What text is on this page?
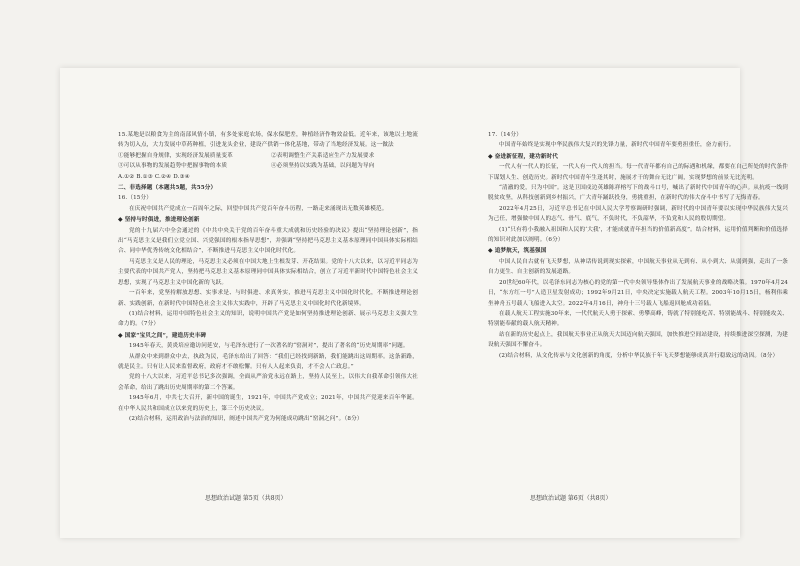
15.某地是以粮食为主的南部风情小镇，有多处家庭农场，保水保肥差，种植经济作物效益低。近年来，该地以土地流转为切入点，大力发展中草药种植，引进龙头企业，建设产供销一体化基地，带动了当地经济发展。这一做法

①能够把握自身规律，实现经济发展质量变革	②表明调整生产关系适应生产力发展要求
③可以从事物的发展趋势中把握事物的本质	④必须坚持以实践为基础，以问题为导向

A.①② B.①③ C.②④ D.③④

二、非选择题（本题共5题，共55分）

16.（15分）

在庆祝中国共产党成立一百周年之际，回望中国共产党百年奋斗历程，一路走来涌现出无数英雄模范。

◆ 坚持与时俱进，推进理论创新

党的十九届六中全会通过的《中共中央关于党的百年奋斗重大成就和历史经验的决议》提出“坚持理论创新”，指出“马克思主义是我们立党立国、兴党强国的根本指导思想”，并强调“坚持把马克思主义基本原理同中国具体实际相结合、同中华优秀传统文化相结合”，不断推进马克思主义中国化时代化。

马克思主义是人民的理论，马克思主义必须在中国大地上生根发芽、开花结果。党的十八大以来，以习近平同志为主要代表的中国共产党人，坚持把马克思主义基本原理同中国具体实际相结合，创立了习近平新时代中国特色社会主义思想，实现了马克思主义中国化新的飞跃。

一百年来，党坚持解放思想、实事求是、与时俱进、求真务实，推进马克思主义中国化时代化，不断推进理论创新、实践创新，在新时代中国特色社会主义伟大实践中，开辟了马克思主义中国化时代化新境界。

(1)结合材料，运用中国特色社会主义的知识，说明中国共产党是如何坚持推进理论创新、展示马克思主义强大生命力的。（7分）

◆ 国家“宝贝之间”，建造历史丰碑

1945年春天，黄炎培应邀访问延安，与毛泽东进行了一次著名的“窑洞对”，提出了著名的“历史周期率”问题。

从群众中来到群众中去，执政为民，毛泽东给出了回答：“我们已经找到新路，我们能跳出这周期率。这条新路，就是民主。只有让人民来监督政府，政府才不敢松懈。只有人人起来负责，才不会人亡政息。”

党的十八大以来，习近平总书记多次强调，全面从严治党永远在路上，坚持人民至上，以伟大自我革命引领伟大社会革命，给出了跳出历史周期率的第二个答案。

1945年6月，中共七大召开，新中国的诞生，1921年，中国共产党成立；2021年，中国共产党迎来百年华诞。在中华人民共和国成立以来党的历史上，第三个历史决议。

(2)结合材料，运用政治与法治的知识，阐述中国共产党为何能成功跳出“窑洞之问”。（8分）

17.（14分）

中国青年始终是实现中华民族伟大复兴的先锋力量，新时代中国青年要勇担重任，奋力前行。

◆ 奋进新征程，建功新时代

一代人有一代人的长征，一代人有一代人的担当。每一代青年都有自己的际遇和机缘，都要在自己所处的时代条件下谋划人生、创造历史。新时代中国青年生逢其时，施展才干的舞台无比广阔，实现梦想的前景无比光明。

“清澈的爱，只为中国”。这是卫国戍边英雄陈祥榕写下的战斗口号，喊出了新时代中国青年的心声。从抗疫一线到脱贫攻坚，从科技创新到乡村振兴，广大青年踊跃投身，勇挑重担，在新时代的伟大奋斗中书写了无悔青春。

2022年4月25日，习近平总书记在中国人民大学考察调研时强调，新时代的中国青年要以实现中华民族伟大复兴为己任，增强做中国人的志气、骨气、底气，不负时代，不负韶华，不负党和人民的殷切期望。

(1)“只有将小我融入祖国和人民的‘大我’，才能成就青年担当的价值新高度”。结合材料，运用价值判断和价值选择的知识对此加以阐明。（6分）

◆ 追梦航天，筑基强国

中国人民自古就有飞天梦想，从神话传说到现实探索，中国航天事业从无到有、从小到大、从弱到强，走出了一条自力更生、自主创新的发展道路。

20世纪60年代，以毛泽东同志为核心的党的第一代中央领导集体作出了发展航天事业的战略决策。1970年4月24日，“东方红一号”人造卫星发射成功；1992年9月21日，中央决定实施载人航天工程。2003年10月15日，杨利伟乘坐神舟五号载人飞船进入太空。2022年4月16日，神舟十三号载人飞船返回舱成功着陆。

在载人航天工程实施30年来，一代代航天人勇于探索、勇攀高峰，铸就了特别能吃苦、特别能战斗、特别能攻关、特别能奉献的载人航天精神。

站在新的历史起点上，我国航天事业正从航天大国迈向航天强国，加快推进空间站建设，持续推进深空探测，为建设航天强国不懈奋斗。

(2)结合材料，从文化传承与文化创新的角度，分析中华民族千年飞天梦想能够成真并行稳致远的动因。（8分）

思想政治试题 第5页（共8页）	思想政治试题 第6页（共8页）
